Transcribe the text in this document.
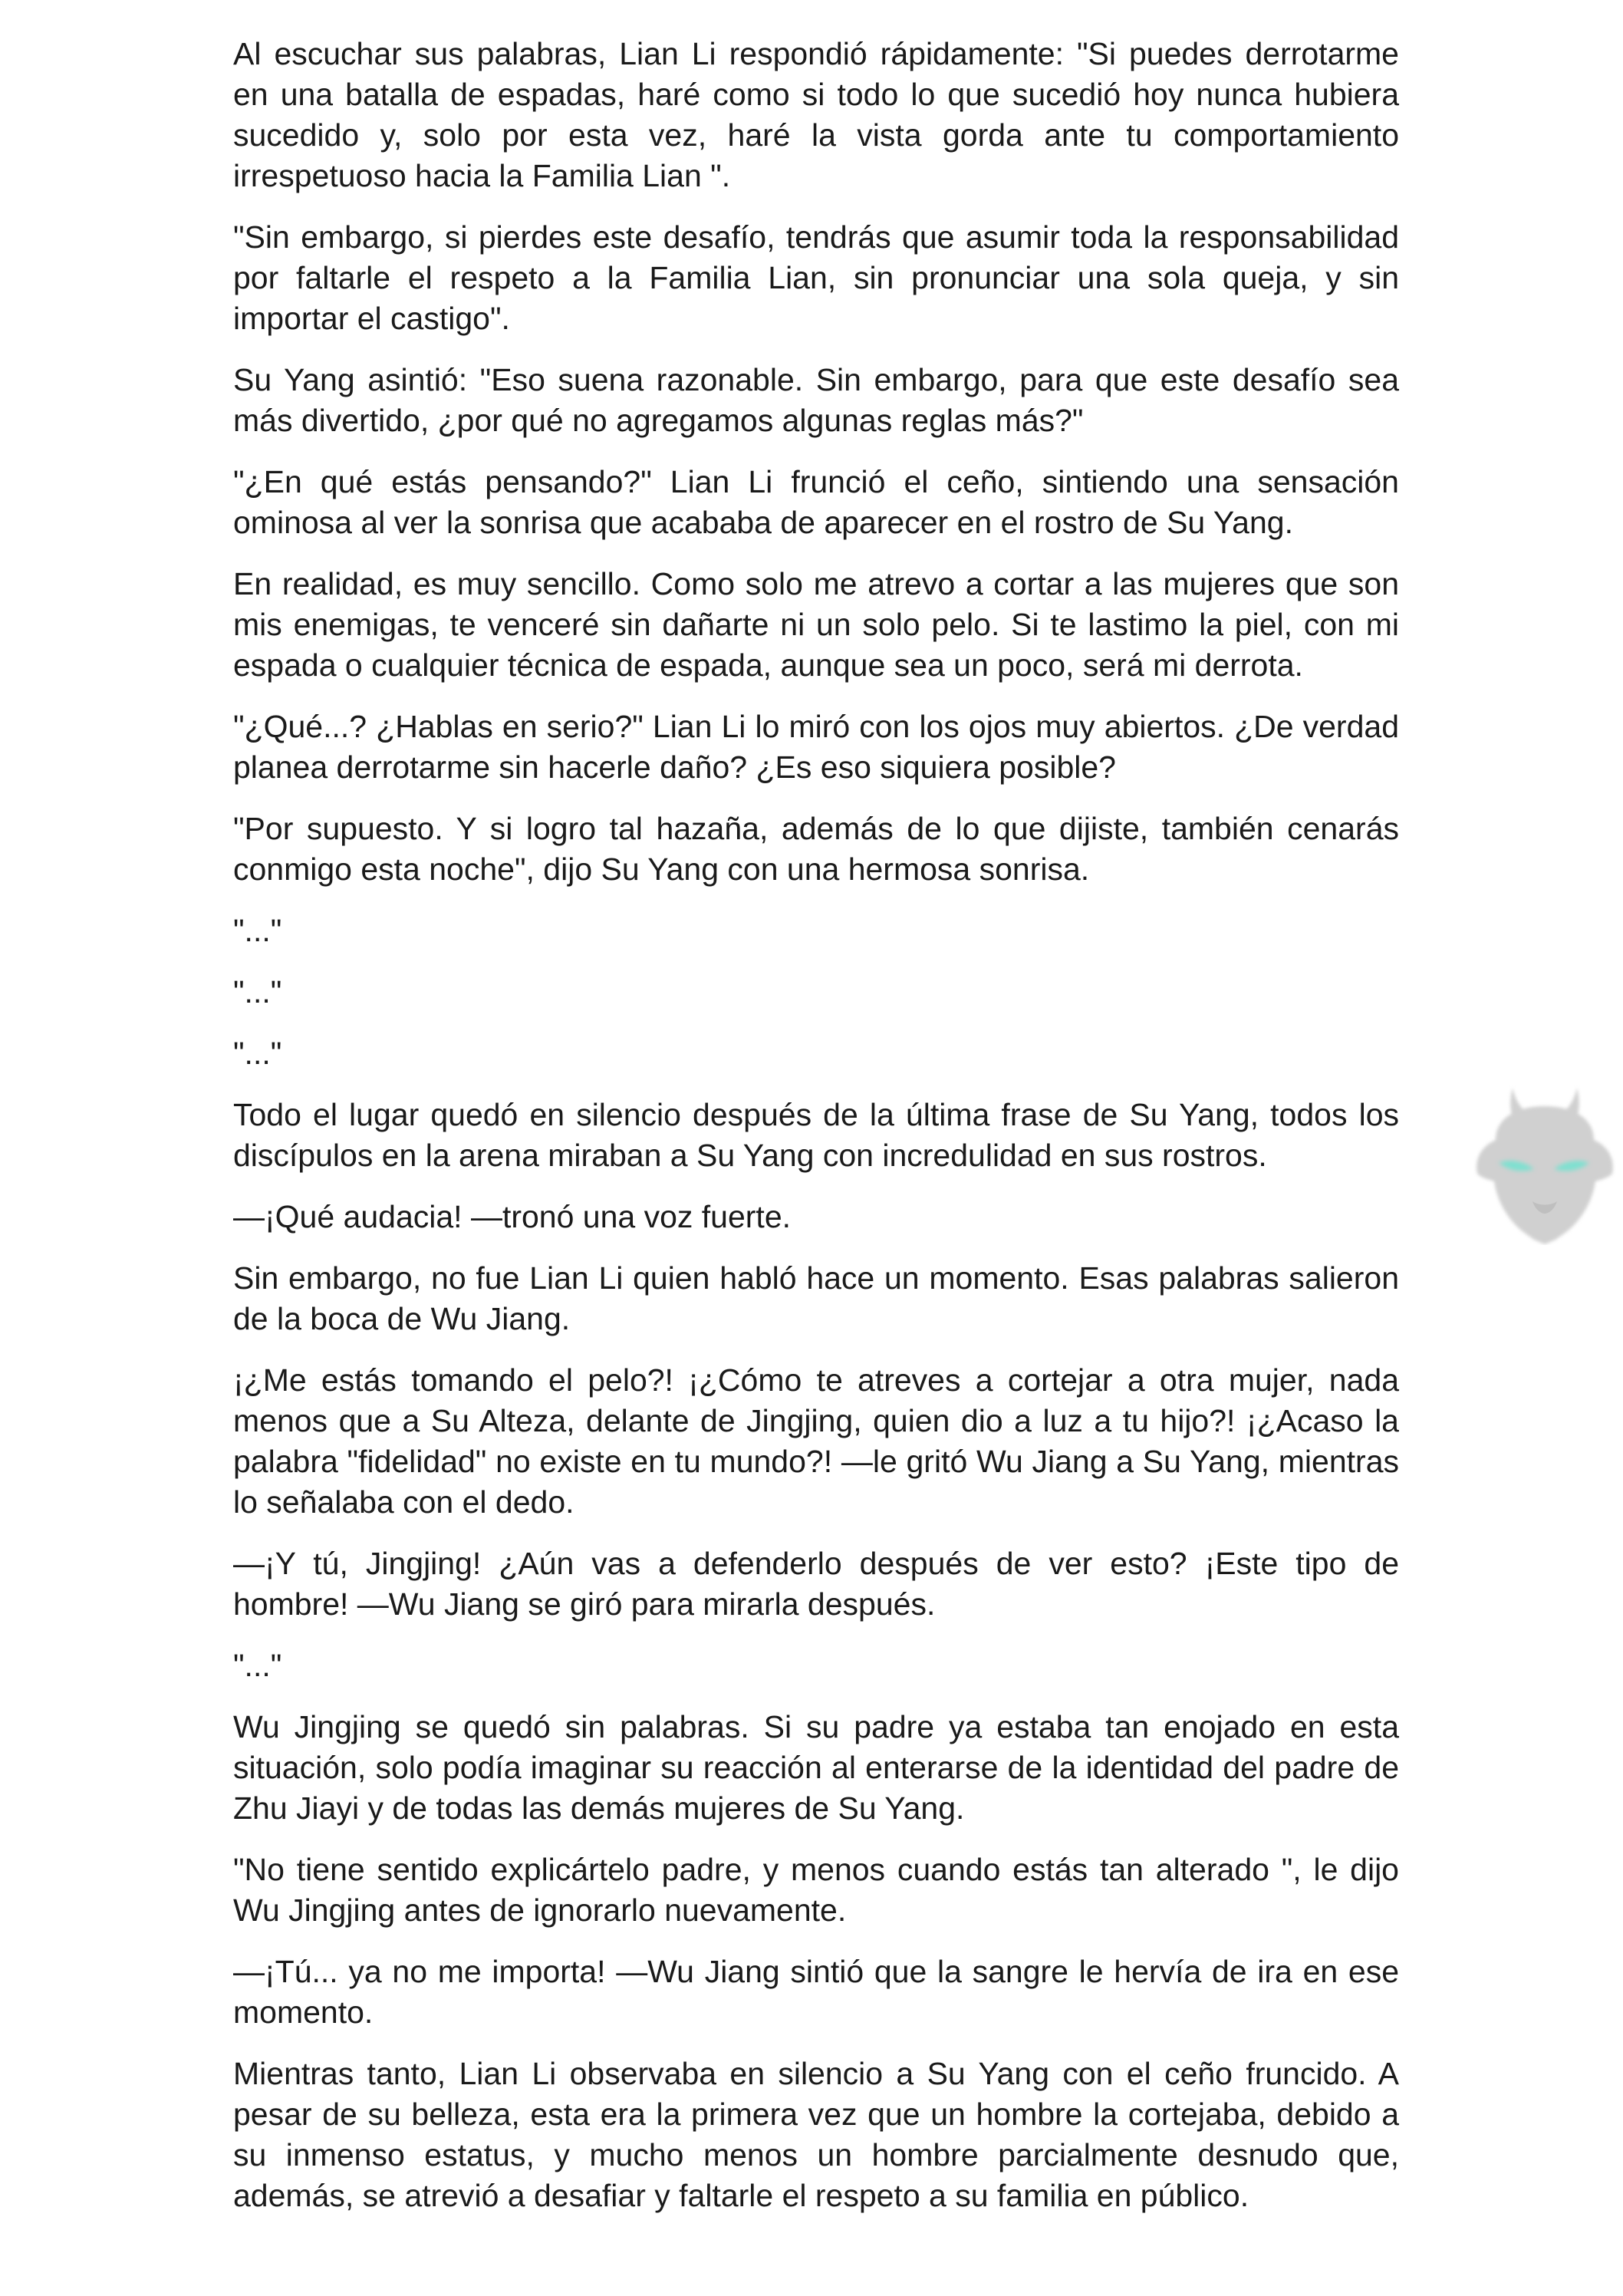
Al escuchar sus palabras, Lian Li respondió rápidamente: "Si puedes derrotarme en una batalla de espadas, haré como si todo lo que sucedió hoy nunca hubiera sucedido y, solo por esta vez, haré la vista gorda ante tu comportamiento irrespetuoso hacia la Familia Lian ".

"Sin embargo, si pierdes este desafío, tendrás que asumir toda la responsabilidad por faltarle el respeto a la Familia Lian, sin pronunciar una sola queja, y sin importar el castigo".

Su Yang asintió: "Eso suena razonable. Sin embargo, para que este desafío sea más divertido, ¿por qué no agregamos algunas reglas más?"

"¿En qué estás pensando?" Lian Li frunció el ceño, sintiendo una sensación ominosa al ver la sonrisa que acababa de aparecer en el rostro de Su Yang.

En realidad, es muy sencillo. Como solo me atrevo a cortar a las mujeres que son mis enemigas, te venceré sin dañarte ni un solo pelo. Si te lastimo la piel, con mi espada o cualquier técnica de espada, aunque sea un poco, será mi derrota.

"¿Qué...? ¿Hablas en serio?" Lian Li lo miró con los ojos muy abiertos. ¿De verdad planea derrotarme sin hacerle daño? ¿Es eso siquiera posible?

"Por supuesto. Y si logro tal hazaña, además de lo que dijiste, también cenarás conmigo esta noche", dijo Su Yang con una hermosa sonrisa.

"..."

"..."

"..."

Todo el lugar quedó en silencio después de la última frase de Su Yang, todos los discípulos en la arena miraban a Su Yang con incredulidad en sus rostros.

—¡Qué audacia! —tronó una voz fuerte.

Sin embargo, no fue Lian Li quien habló hace un momento. Esas palabras salieron de la boca de Wu Jiang.

¡¿Me estás tomando el pelo?! ¡¿Cómo te atreves a cortejar a otra mujer, nada menos que a Su Alteza, delante de Jingjing, quien dio a luz a tu hijo?! ¡¿Acaso la palabra "fidelidad" no existe en tu mundo?! —le gritó Wu Jiang a Su Yang, mientras lo señalaba con el dedo.

—¡Y tú, Jingjing! ¿Aún vas a defenderlo después de ver esto? ¡Este tipo de hombre! —Wu Jiang se giró para mirarla después.

"..."

Wu Jingjing se quedó sin palabras. Si su padre ya estaba tan enojado en esta situación, solo podía imaginar su reacción al enterarse de la identidad del padre de Zhu Jiayi y de todas las demás mujeres de Su Yang.

"No tiene sentido explicártelo padre, y menos cuando estás tan alterado ", le dijo Wu Jingjing antes de ignorarlo nuevamente.

—¡Tú... ya no me importa! —Wu Jiang sintió que la sangre le hervía de ira en ese momento.

Mientras tanto, Lian Li observaba en silencio a Su Yang con el ceño fruncido. A pesar de su belleza, esta era la primera vez que un hombre la cortejaba, debido a su inmenso estatus, y mucho menos un hombre parcialmente desnudo que, además, se atrevió a desafiar y faltarle el respeto a su familia en público.
